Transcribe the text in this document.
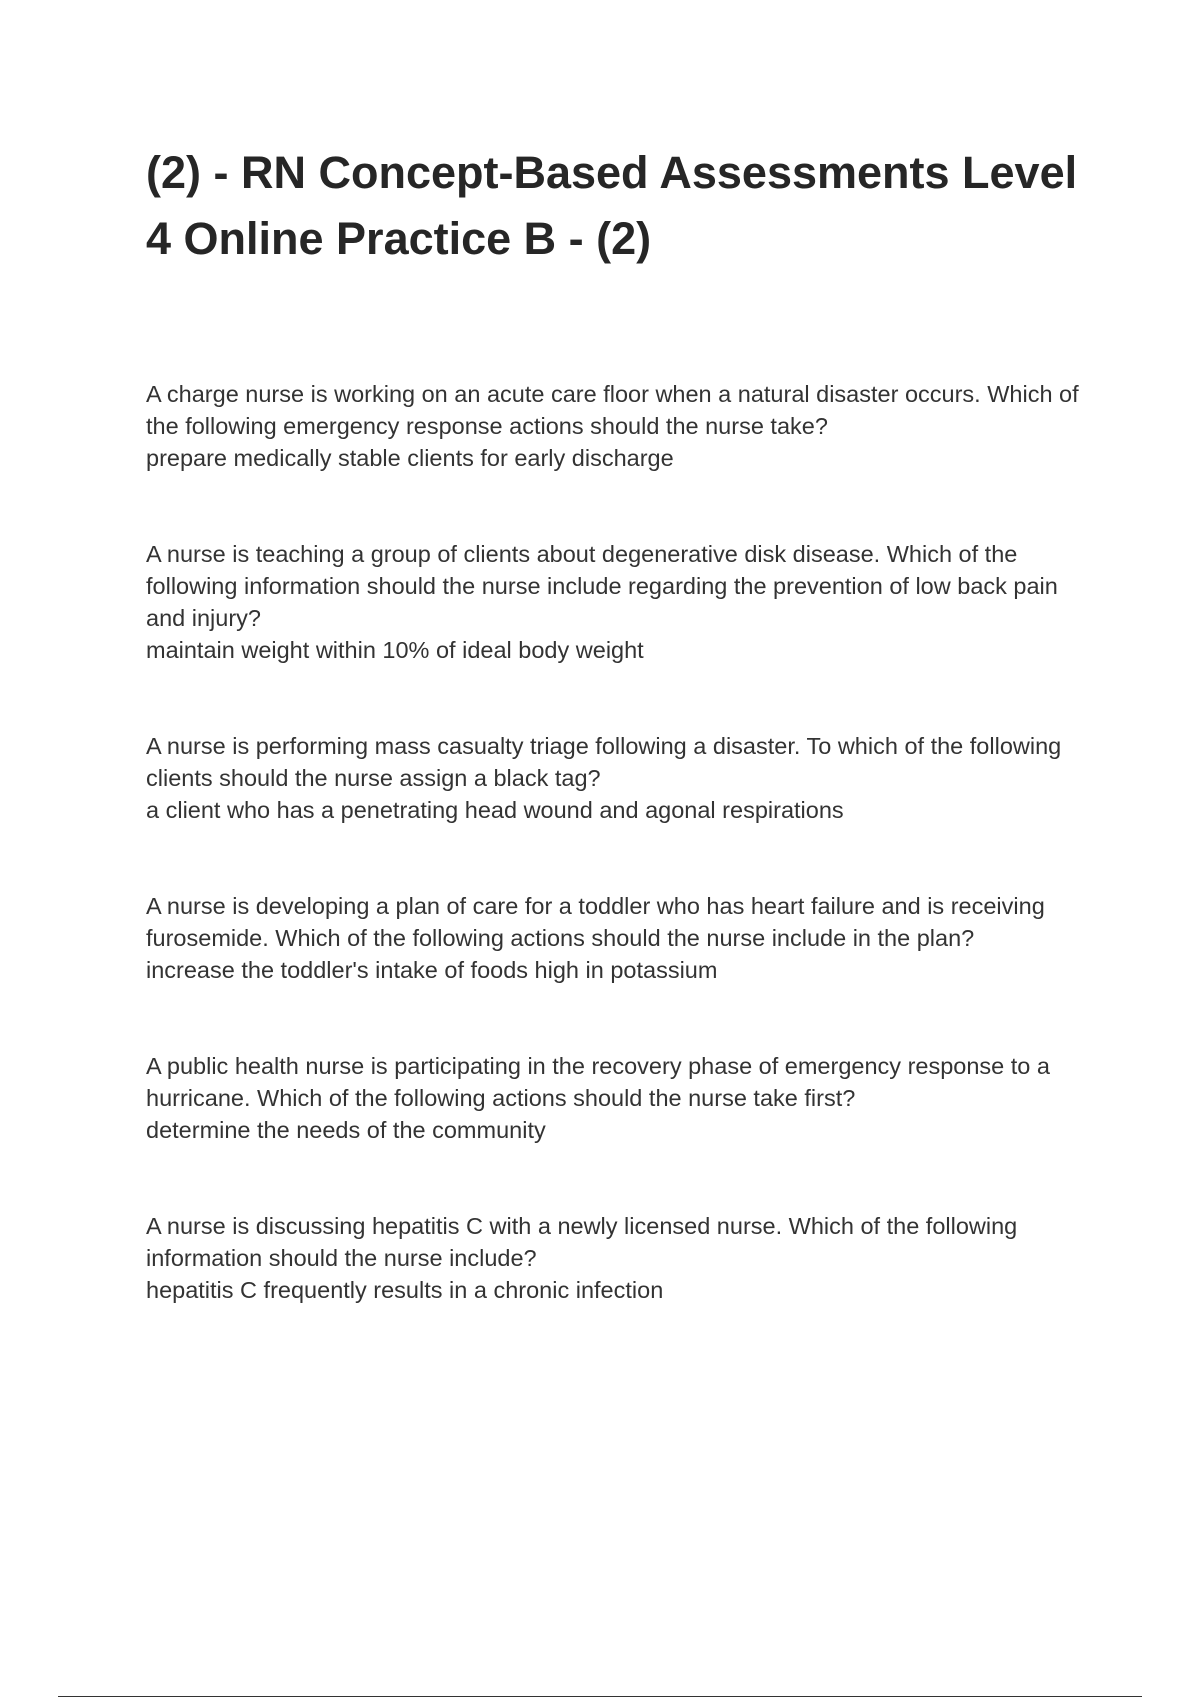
(2) - RN Concept-Based Assessments Level 4 Online Practice B - (2)
A charge nurse is working on an acute care floor when a natural disaster occurs. Which of the following emergency response actions should the nurse take?
prepare medically stable clients for early discharge
A nurse is teaching a group of clients about degenerative disk disease. Which of the following information should the nurse include regarding the prevention of low back pain and injury?
maintain weight within 10% of ideal body weight
A nurse is performing mass casualty triage following a disaster. To which of the following clients should the nurse assign a black tag?
a client who has a penetrating head wound and agonal respirations
A nurse is developing a plan of care for a toddler who has heart failure and is receiving furosemide. Which of the following actions should the nurse include in the plan?
increase the toddler's intake of foods high in potassium
A public health nurse is participating in the recovery phase of emergency response to a hurricane. Which of the following actions should the nurse take first?
determine the needs of the community
A nurse is discussing hepatitis C with a newly licensed nurse. Which of the following information should the nurse include?
hepatitis C frequently results in a chronic infection
